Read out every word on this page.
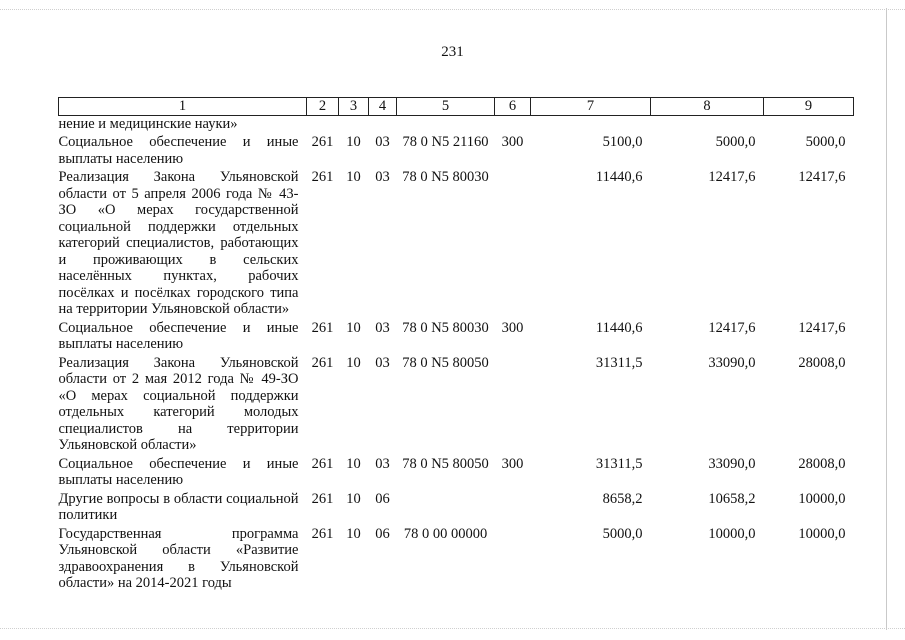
231
1	2	3	4	5	6	7	8	9
нение и медицинские науки»								
Социальное обеспечение и иные выплаты населению	261	10	03	78 0 N5 21160	300	5100,0	5000,0	5000,0
Реализация Закона Ульяновской области от 5 апреля 2006 года № 43-ЗО «О мерах государственной социальной поддержки отдельных категорий специалистов, работающих и проживающих в сельских населённых пунктах, рабочих посёлках и посёлках городского типа на территории Ульяновской области»	261	10	03	78 0 N5 80030		11440,6	12417,6	12417,6
Социальное обеспечение и иные выплаты населению	261	10	03	78 0 N5 80030	300	11440,6	12417,6	12417,6
Реализация Закона Ульяновской области от 2 мая 2012 года № 49-ЗО «О мерах социальной поддержки отдельных категорий молодых специалистов на территории Ульяновской области»	261	10	03	78 0 N5 80050		31311,5	33090,0	28008,0
Социальное обеспечение и иные выплаты населению	261	10	03	78 0 N5 80050	300	31311,5	33090,0	28008,0
Другие вопросы в области социальной политики	261	10	06			8658,2	10658,2	10000,0
Государственная программа Ульяновской области «Развитие здравоохранения в Ульяновской области» на 2014-2021 годы	261	10	06	78 0 00 00000		5000,0	10000,0	10000,0
